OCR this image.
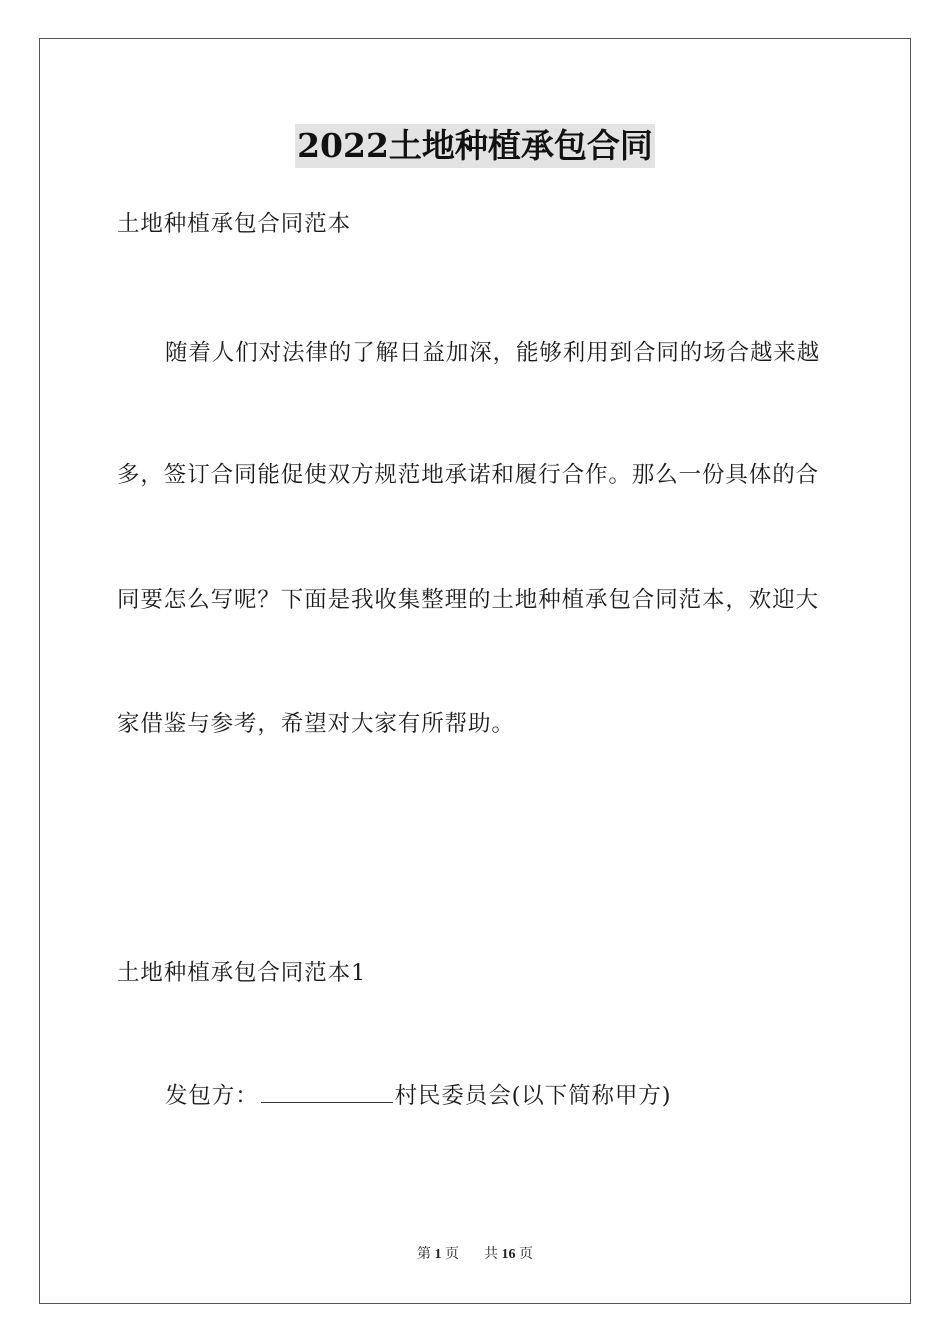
2022土地种植承包合同
土地种植承包合同范本
随着人们对法律的了解日益加深，能够利用到合同的场合越来越
多，签订合同能促使双方规范地承诺和履行合作。那么一份具体的合
同要怎么写呢？下面是我收集整理的土地种植承包合同范本，欢迎大
家借鉴与参考，希望对大家有所帮助。
土地种植承包合同范本1
发包方：	村民委员会(以下简称甲方)
第 1 页 共 16 页
